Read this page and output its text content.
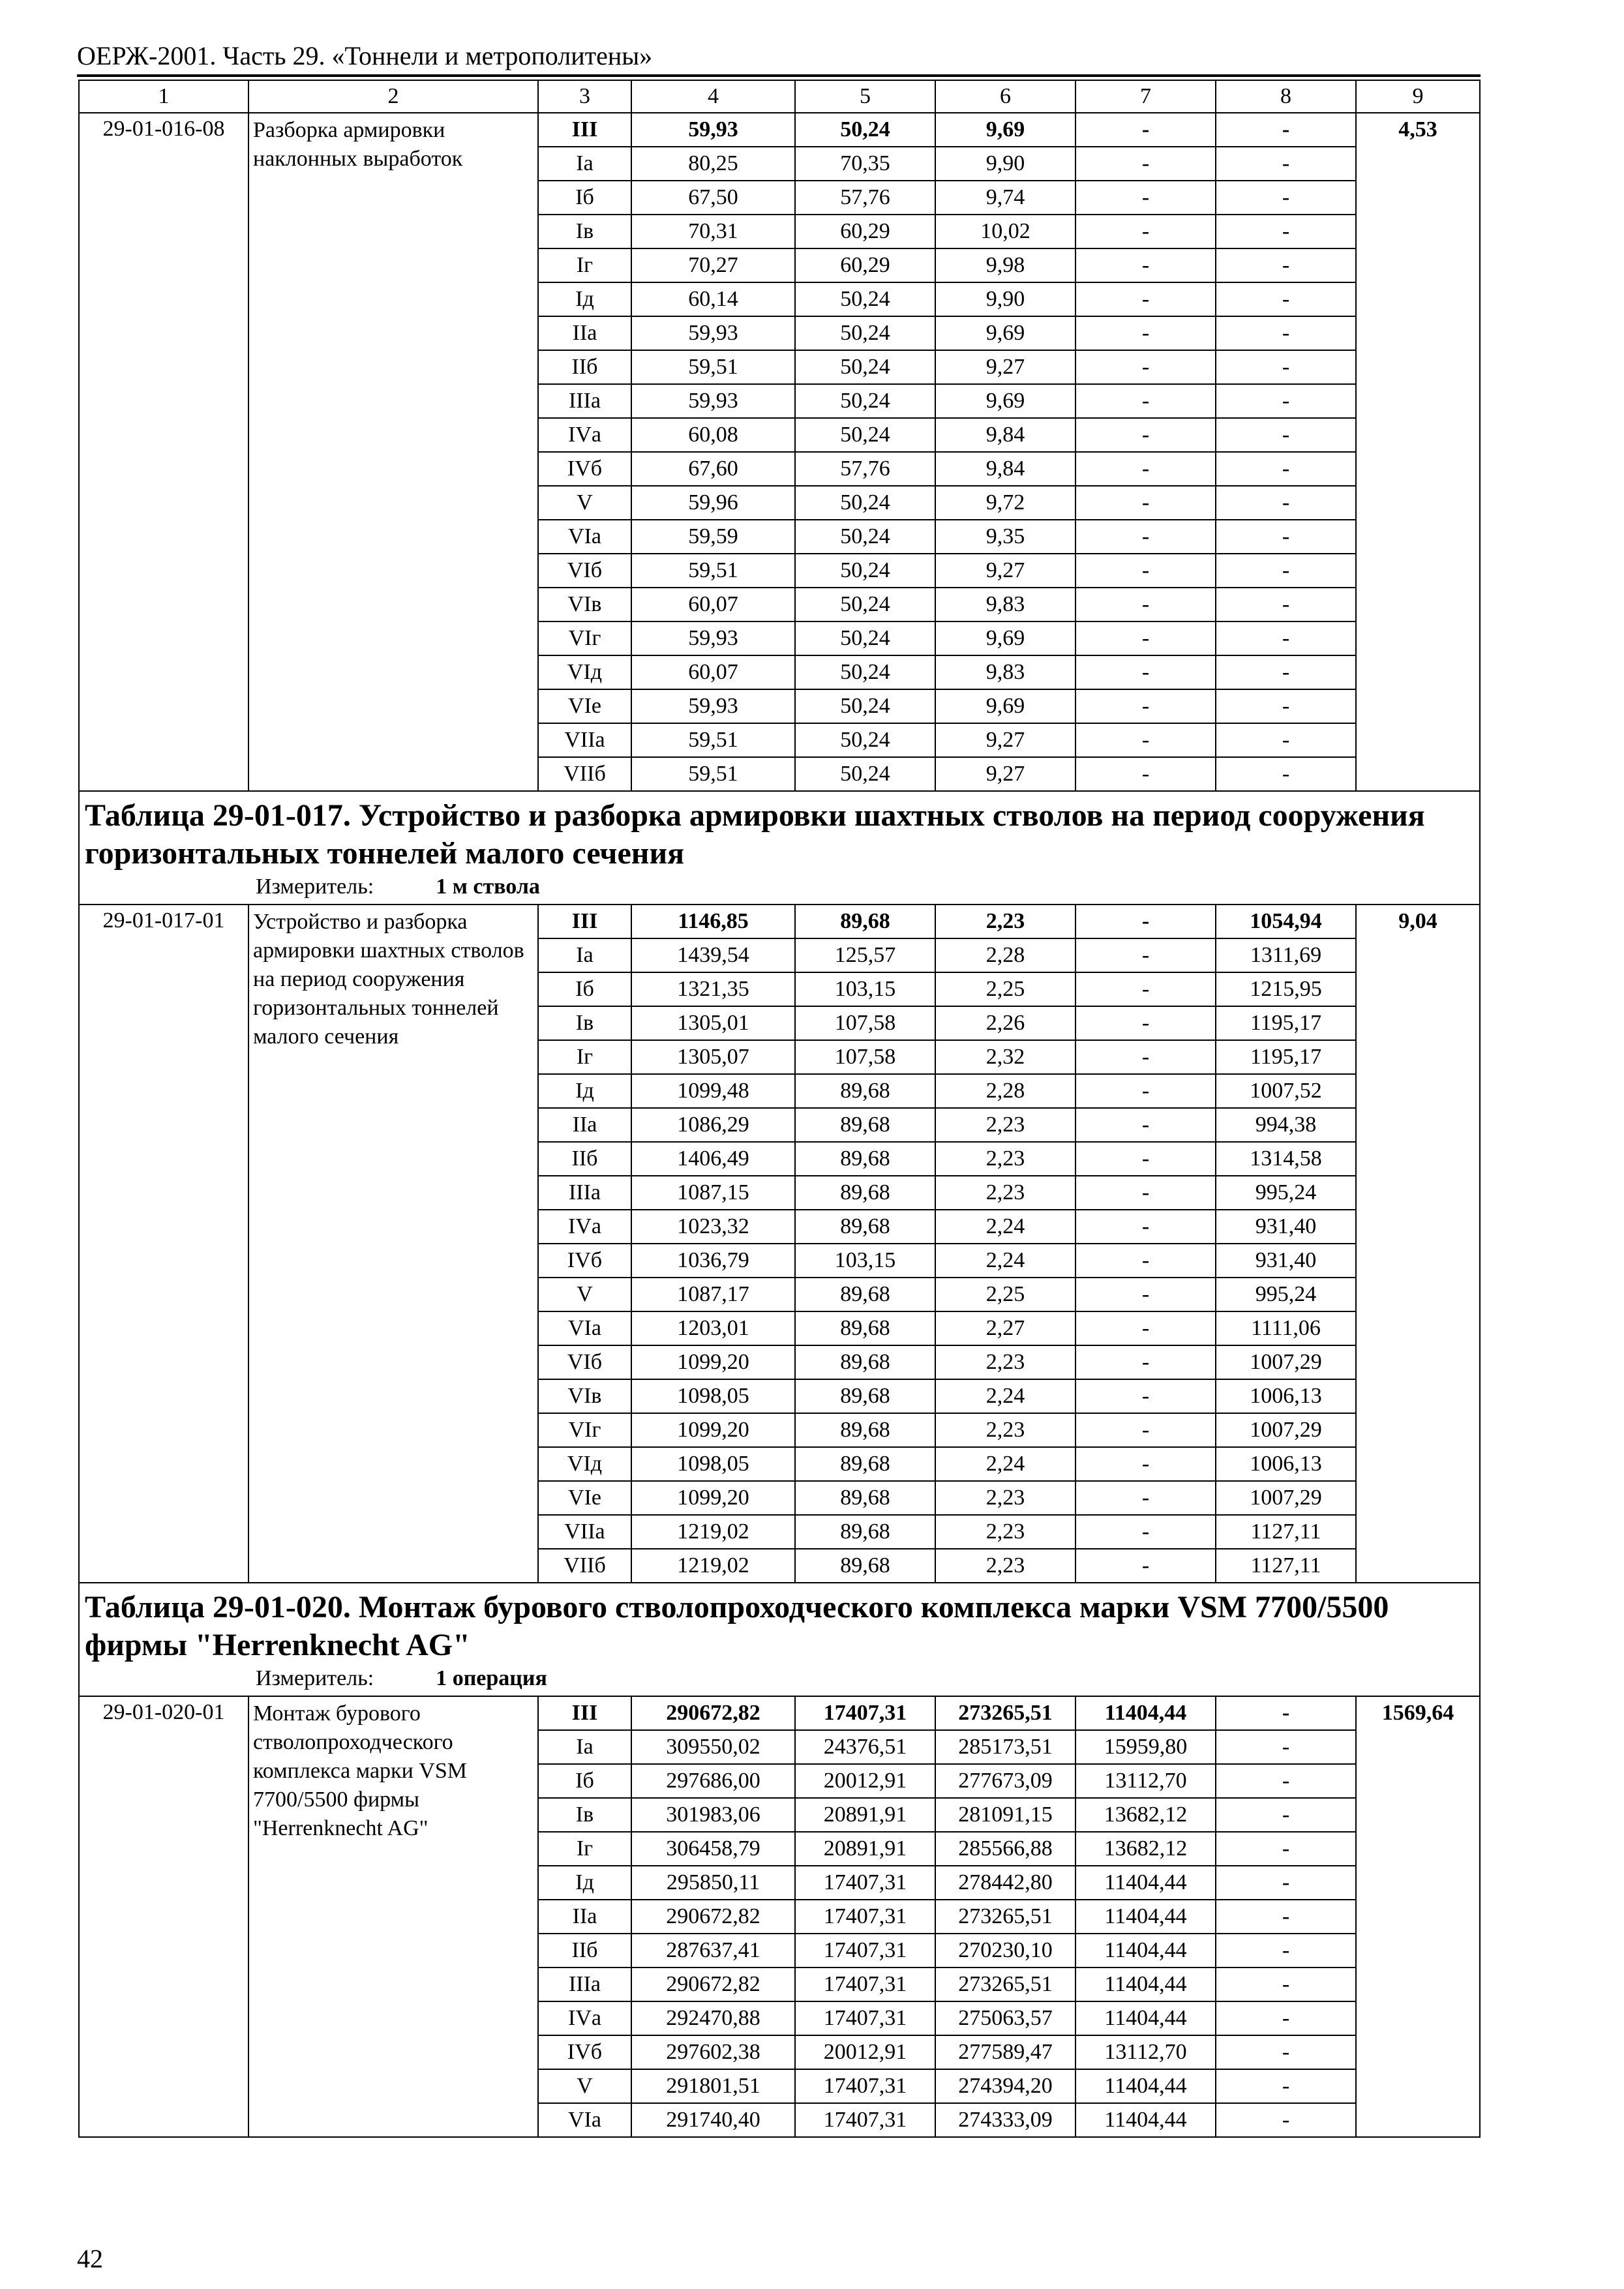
ОЕРЖ-2001. Часть 29. «Тоннели и метрополитены»
1	2	3	4	5	6	7	8	9
29-01-016-08	Разборка армировки наклонных выработок	III	59,93	50,24	9,69	-	-	4,53
		Iа	80,25	70,35	9,90	-	-	
		Iб	67,50	57,76	9,74	-	-	
		Iв	70,31	60,29	10,02	-	-	
		Iг	70,27	60,29	9,98	-	-	
		Iд	60,14	50,24	9,90	-	-	
		IIа	59,93	50,24	9,69	-	-	
		IIб	59,51	50,24	9,27	-	-	
		IIIа	59,93	50,24	9,69	-	-	
		IVа	60,08	50,24	9,84	-	-	
		IVб	67,60	57,76	9,84	-	-	
		V	59,96	50,24	9,72	-	-	
		VIа	59,59	50,24	9,35	-	-	
		VIб	59,51	50,24	9,27	-	-	
		VIв	60,07	50,24	9,83	-	-	
		VIг	59,93	50,24	9,69	-	-	
		VIд	60,07	50,24	9,83	-	-	
		VIе	59,93	50,24	9,69	-	-	
		VIIа	59,51	50,24	9,27	-	-	
		VIIб	59,51	50,24	9,27	-	-	

Таблица 29-01-017. Устройство и разборка армировки шахтных стволов на период сооружения горизонтальных тоннелей малого сечения
Измеритель: 1 м ствола								

29-01-017-01	Устройство и разборка армировки шахтных стволов на период сооружения горизонтальных тоннелей малого сечения	III	1146,85	89,68	2,23	-	1054,94	9,04
		Iа	1439,54	125,57	2,28	-	1311,69	
		Iб	1321,35	103,15	2,25	-	1215,95	
		Iв	1305,01	107,58	2,26	-	1195,17	
		Iг	1305,07	107,58	2,32	-	1195,17	
		Iд	1099,48	89,68	2,28	-	1007,52	
		IIа	1086,29	89,68	2,23	-	994,38	
		IIб	1406,49	89,68	2,23	-	1314,58	
		IIIа	1087,15	89,68	2,23	-	995,24	
		IVа	1023,32	89,68	2,24	-	931,40	
		IVб	1036,79	103,15	2,24	-	931,40	
		V	1087,17	89,68	2,25	-	995,24	
		VIа	1203,01	89,68	2,27	-	1111,06	
		VIб	1099,20	89,68	2,23	-	1007,29	
		VIв	1098,05	89,68	2,24	-	1006,13	
		VIг	1099,20	89,68	2,23	-	1007,29	
		VIд	1098,05	89,68	2,24	-	1006,13	
		VIе	1099,20	89,68	2,23	-	1007,29	
		VIIа	1219,02	89,68	2,23	-	1127,11	
		VIIб	1219,02	89,68	2,23	-	1127,11	

Таблица 29-01-020. Монтаж бурового стволопроходческого комплекса марки VSM 7700/5500 фирмы "Herrenknecht AG"
Измеритель: 1 операция								

29-01-020-01	Монтаж бурового стволопроходческого комплекса марки VSM 7700/5500 фирмы "Herrenknecht AG"	III	290672,82	17407,31	273265,51	11404,44	-	1569,64
		Iа	309550,02	24376,51	285173,51	15959,80	-	
		Iб	297686,00	20012,91	277673,09	13112,70	-	
		Iв	301983,06	20891,91	281091,15	13682,12	-	
		Iг	306458,79	20891,91	285566,88	13682,12	-	
		Iд	295850,11	17407,31	278442,80	11404,44	-	
		IIа	290672,82	17407,31	273265,51	11404,44	-	
		IIб	287637,41	17407,31	270230,10	11404,44	-	
		IIIа	290672,82	17407,31	273265,51	11404,44	-	
		IVа	292470,88	17407,31	275063,57	11404,44	-	
		IVб	297602,38	20012,91	277589,47	13112,70	-	
		V	291801,51	17407,31	274394,20	11404,44	-	
		VIа	291740,40	17407,31	274333,09	11404,44	-	
42
